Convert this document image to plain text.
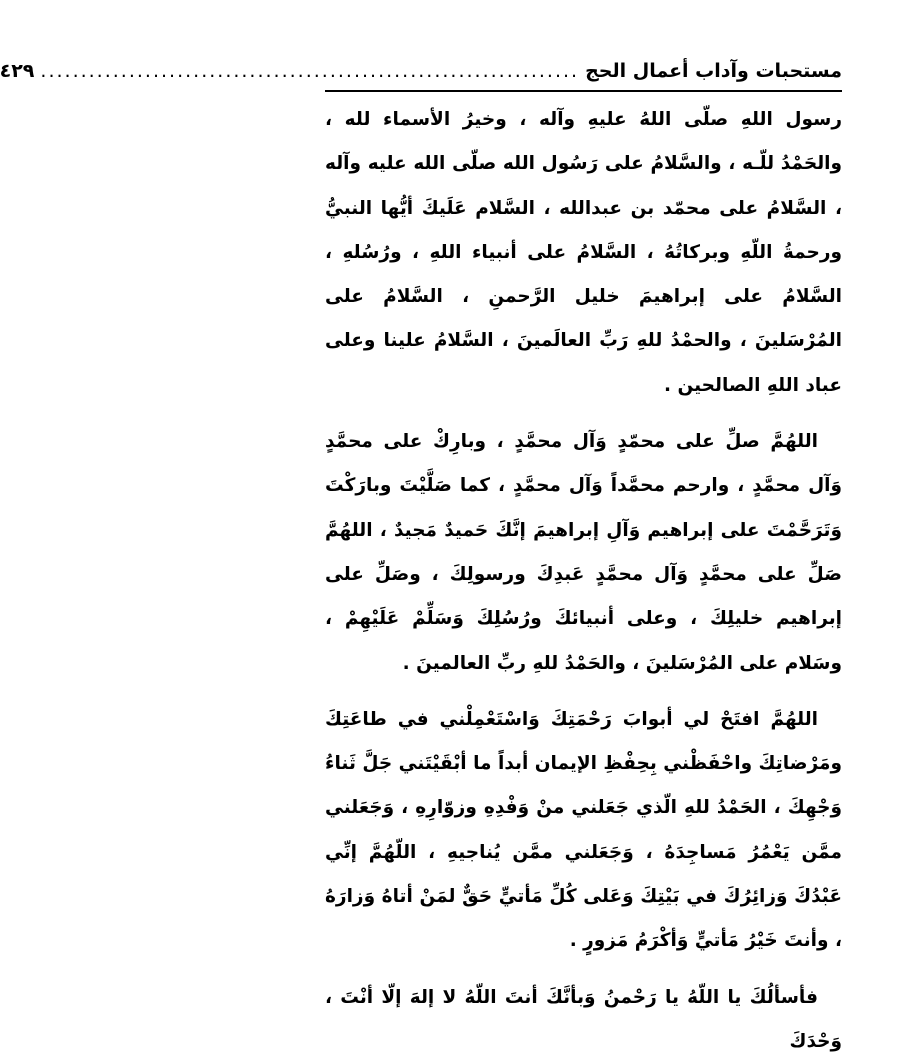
مستحبات وآداب أعمال الحج
...................................................................
٤٢٩

رسول اللهِ صلّى اللهُ عليهِ وآله ، وخيرُ الأسماء لله ، والحَمْدُ للّـه ، والسَّلامُ على رَسُول الله صلّى الله عليه وآله ، السَّلامُ على محمّد بن عبدالله ، السَّلام عَلَيكَ أيُّها النبيُّ ورحمةُ اللّهِ وبركاتُهُ ، السَّلامُ على أنبياء اللهِ ، ورُسُلهِ ، السَّلامُ على إبراهيمَ خليل الرَّحمنِ ، السَّلامُ على المُرْسَلينَ ، والحمْدُ للهِ رَبِّ العالَمينَ ، السَّلامُ علينا وعلى عباد اللهِ الصالحين .

اللهُمَّ صلِّ على محمّدٍ وَآل محمَّدٍ ، وبارِكْ على محمَّدٍ وَآل محمَّدٍ ، وارحم محمَّداً وَآل محمَّدٍ ، كما صَلَّيْتَ وبارَكْتَ وَتَرَحَّمْتَ على إبراهيم وَآلِ إبراهيمَ إنَّكَ حَميدٌ مَجيدٌ ، اللهُمَّ صَلِّ على محمَّدٍ وَآل محمَّدٍ عَبدِكَ ورسولِكَ ، وصَلِّ على إبراهيم خليلِكَ ، وعلى أنبيائكَ ورُسُلِكَ وَسَلِّمْ عَلَيْهِمْ ، وسَلام على المُرْسَلينَ ، والحَمْدُ للهِ ربِّ العالمينَ .

اللهُمَّ افتَحْ لي أبوابَ رَحْمَتِكَ وَاسْتَعْمِلْني في طاعَتِكَ ومَرْضاتِكَ واحْفَظْني بِحِفْظِ الإيمان أبداً ما أبْقَيْتَني جَلَّ ثَناءُ وَجْهِكَ ، الحَمْدُ للهِ الّذي جَعَلني منْ وَفْدِهِ وزوّارِهِ ، وَجَعَلني ممَّن يَعْمُرُ مَساجِدَهُ ، وَجَعَلني ممَّن يُناجيهِ ، اللّهُمَّ إنِّي عَبْدُكَ وَزائِرُكَ في بَيْتِكَ وَعَلى كُلِّ مَأتيٍّ حَقٌّ لمَنْ أتاهُ وَزارَهُ ، وأنتَ خَيْرُ مَأتيٍّ وَأكْرَمُ مَزورٍ .

فأسألُكَ يا اللّهُ يا رَحْمنُ وَبأنَّكَ أنتَ اللّهُ لا إلهَ إلّا أنْتَ ، وَحْدَكَ
